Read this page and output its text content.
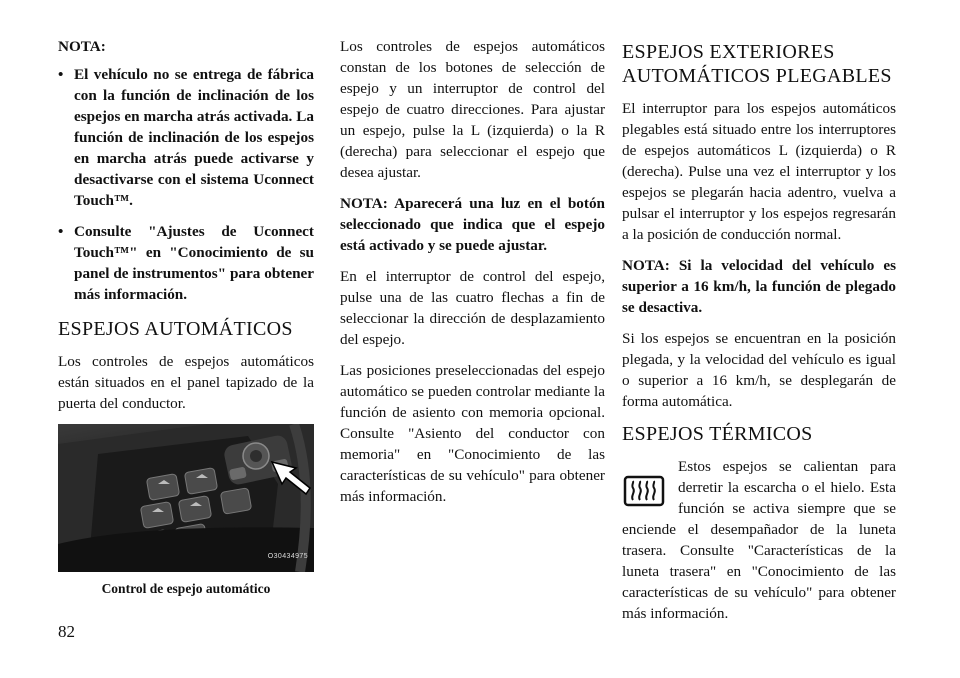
NOTA:
• El vehículo no se entrega de fábrica con la función de inclinación de los espejos en marcha atrás activada. La función de inclinación de los espejos en marcha atrás puede activarse y desactivarse con el sistema Uconnect Touch™.
• Consulte "Ajustes de Uconnect Touch™" en "Conocimiento de su panel de instrumentos" para obtener más información.
ESPEJOS AUTOMÁTICOS

Los controles de espejos automáticos están situados en el panel tapizado de la puerta del conductor.

O30434975
Control de espejo automático

Los controles de espejos automáticos constan de los botones de selección de espejo y un interruptor de control del espejo de cuatro direcciones. Para ajustar un espejo, pulse la L (izquierda) o la R (derecha) para seleccionar el espejo que desea ajustar.

NOTA: Aparecerá una luz en el botón seleccionado que indica que el espejo está activado y se puede ajustar.

En el interruptor de control del espejo, pulse una de las cuatro flechas a fin de seleccionar la dirección de desplazamiento del espejo.

Las posiciones preseleccionadas del espejo automático se pueden controlar mediante la función de asiento con memoria opcional. Consulte "Asiento del conductor con memoria" en "Conocimiento de las características de su vehículo" para obtener más información.

ESPEJOS EXTERIORES
AUTOMÁTICOS PLEGABLES

El interruptor para los espejos automáticos plegables está situado entre los interruptores de espejos automáticos L (izquierda) o R (derecha). Pulse una vez el interruptor y los espejos se plegarán hacia adentro, vuelva a pulsar el interruptor y los espejos regresarán a la posición de conducción normal.

NOTA: Si la velocidad del vehículo es superior a 16 km/h, la función de plegado se desactiva.

Si los espejos se encuentran en la posición plegada, y la velocidad del vehículo es igual o superior a 16 km/h, se desplegarán de forma automática.

ESPEJOS TÉRMICOS

Estos espejos se calientan para derretir la escarcha o el hielo. Esta función se activa siempre que se enciende el desempañador de la luneta trasera. Consulte "Características de la luneta trasera" en "Conocimiento de las características de su vehículo" para obtener más información.

82
